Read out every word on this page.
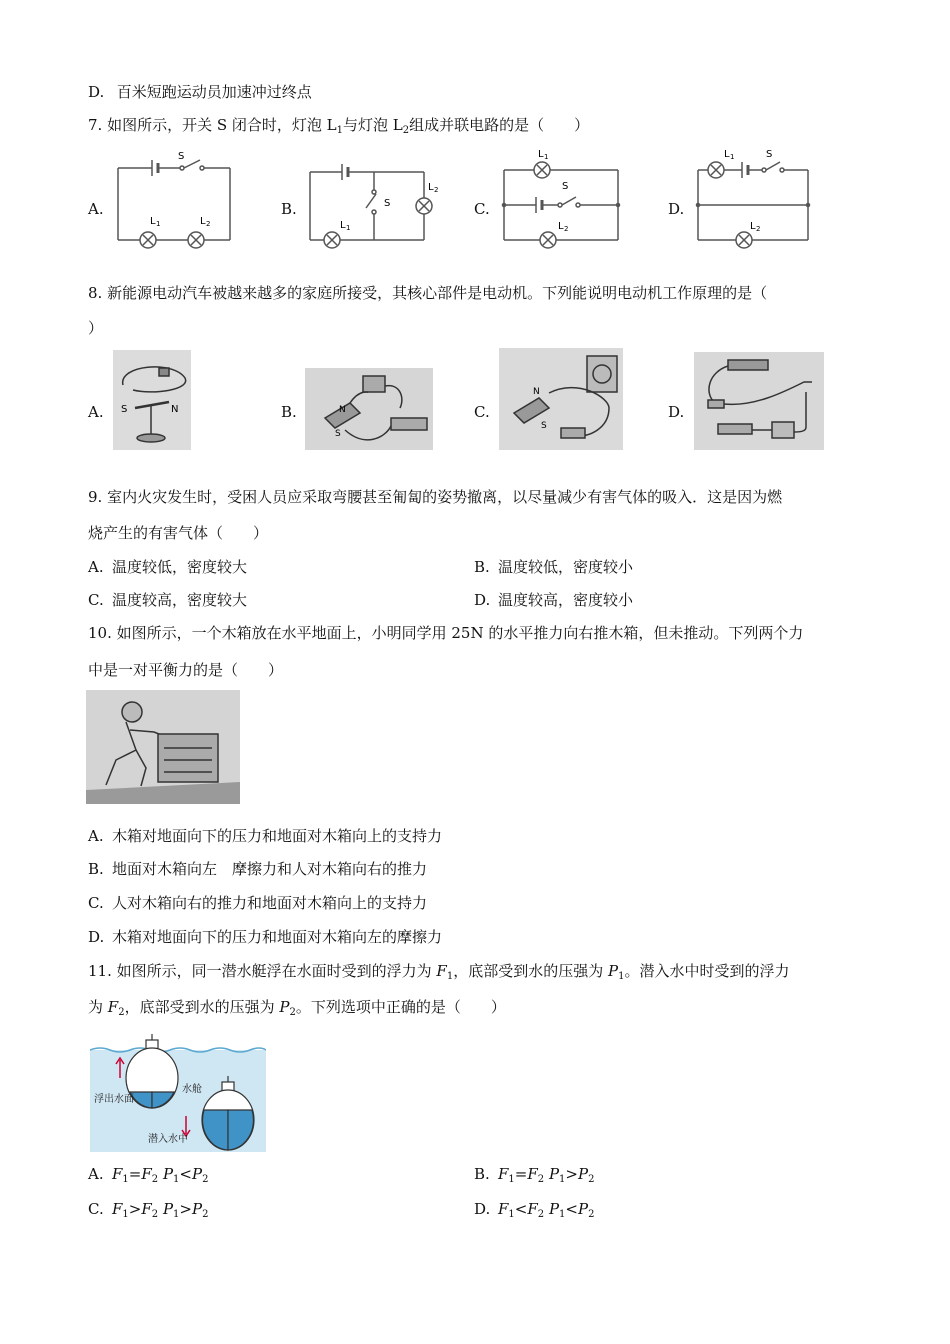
D. 百米短跑运动员加速冲过终点
7. 如图所示，开关 S 闭合时，灯泡 $L_1$与灯泡 $L_2$组成并联电路的是（　　）
A.
S
L 1	L 2
B.	S
L 1
L 2
C.
L 1
S
L 2
D.
L 1	S
L 2
8. 新能源电动汽车被越来越多的家庭所接受，其核心部件是电动机。下列能说明电动机工作原理的是（
）
A. S	N	B.	N
S
C.
N
S
D.
9. 室内火灾发生时，受困人员应采取弯腰甚至匍匐的姿势撤离，以尽量减少有害气体的吸入．这是因为燃
烧产生的有害气体（　　）
A. 温度较低，密度较大	B. 温度较低，密度较小
C. 温度较高，密度较大	D. 温度较高，密度较小
10. 如图所示，一个木箱放在水平地面上，小明同学用 25N 的水平推力向右推木箱，但未推动。下列两个力
中是一对平衡力的是（　　）
A. 木箱对地面向下的压力和地面对木箱向上的支持力
B. 地面对木箱向左　摩擦力和人对木箱向右的推力
C. 人对木箱向右的推力和地面对木箱向上的支持力
D. 木箱对地面向下的压力和地面对木箱向左的摩擦力
11. 如图所示，同一潜水艇浮在水面时受到的浮力为 $F_1$，底部受到水的压强为 $P_1$。潜入水中时受到的浮力
为 $F_2$，底部受到水的压强为 $P_2$。下列选项中正确的是（　　）
浮出水面
水舱
潜入水中
A. $F_1=F_2$ $P_1<P_2$	B. $F_1=F_2$ $P_1>P_2$
C. $F_1>F_2$ $P_1>P_2$	D. $F_1<F_2$ $P_1<P_2$
